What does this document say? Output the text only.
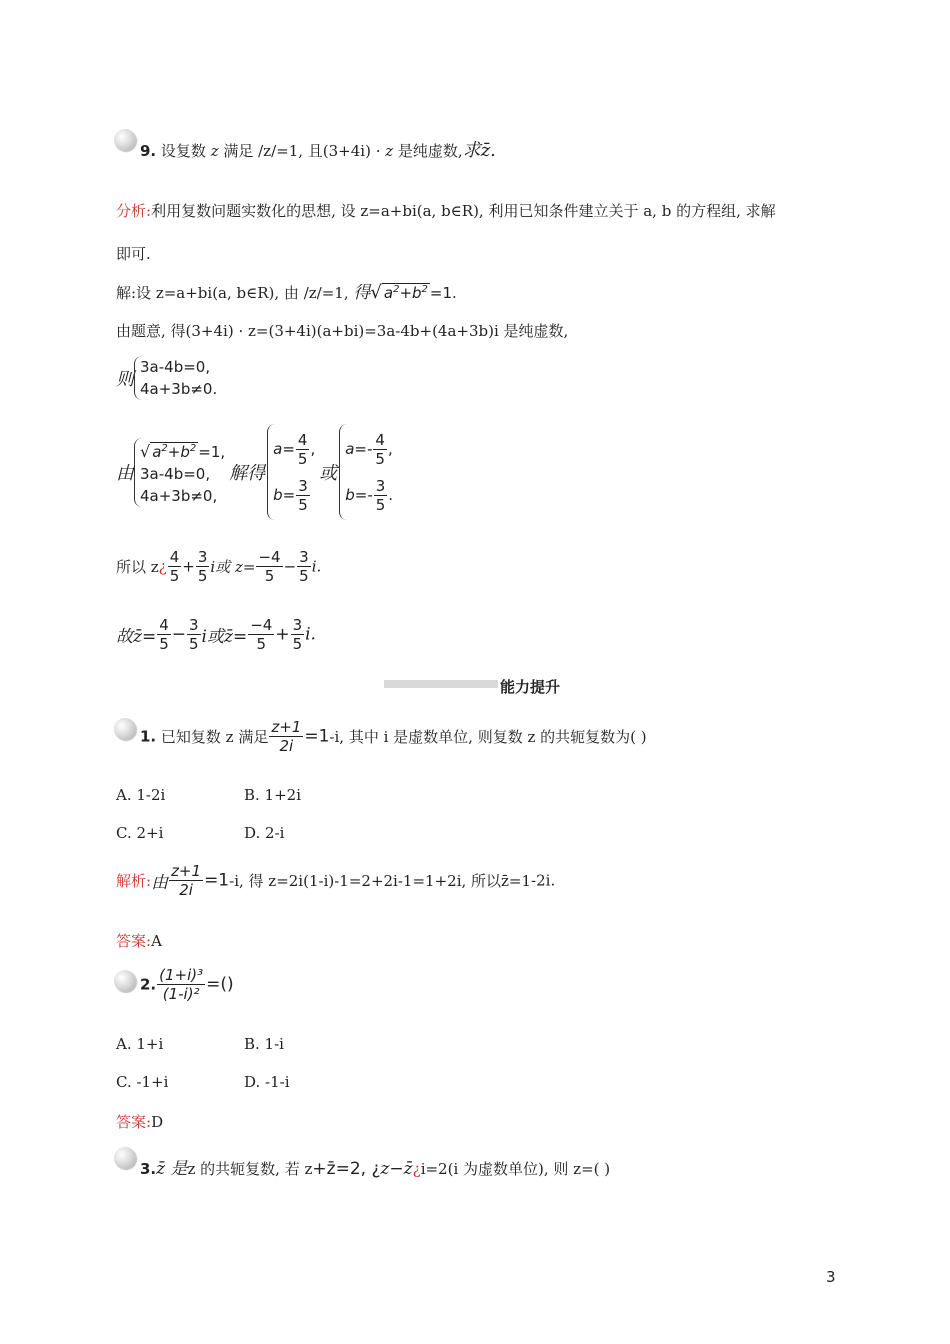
9. 设复数 z 满足 /z/=1, 且(3+4i) · z 是纯虚数,求z̄.
分析:利用复数问题实数化的思想, 设 z=a+bi(a, b∈R), 利用已知条件建立关于 a, b 的方程组, 求解
即可.
解:设 z=a+bi(a, b∈R), 由 /z/=1, 得√ $a^2+b^2 =1$.
由题意, 得(3+4i) · z=(3+4i)(a+bi)=3a-4b+(4a+3b)i 是纯虚数,
则
3a-4b=0,
4a+3b≠0.
由
√ $a^2+b^2 =1$,
3a-4b=0,
4a+3b≠0,
解得
$a= \frac{4}{5}$ ,
$b= \frac{3}{5}$
或
$a=- \frac{4}{5}$ ,
$b=- \frac{3}{5}$ .
所以 z¿ $\frac{4}{5} + \frac{3}{5}$ i或 $z= \frac{-4}{5} - \frac{3}{5} i$.
故z̄= $\frac{4}{5} - \frac{3}{5}$ i或z̄= $\frac{-4}{5} + \frac{3}{5} i$.
能力提升
1. 已知复数 z 满足 $\frac{z+1}{2i} =1-i$, 其中 i 是虚数单位, 则复数 z 的共轭复数为( )
A. 1-2i	B. 1+2i
C. 2+i	D. 2-i
解析:由 $\frac{z+1}{2i} =1-i$, 得 z=2i(1-i)-1=2+2i-1=1+2i, 所以z̄=1-2i.
答案:A
2. $\frac{\text{(1+i)³}}{\text{(1-i)²}}$ =()
A. 1+i	B. 1-i
C. -1+i	D. -1-i
答案:D
3.z̄ 是z 的共轭复数, 若 z+z̄=2, ¿z−z̄¿i=2(i 为虚数单位), 则 z=( )
3
